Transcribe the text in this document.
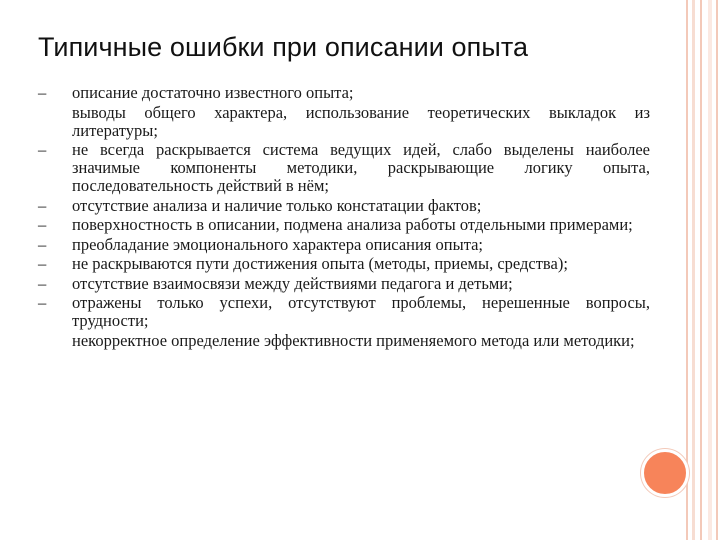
Типичные ошибки при описании опыта
–	описание достаточно известного опыта;
выводы общего характера, использование теоретических выкладок из литературы;
–	не всегда раскрывается система ведущих идей, слабо выделены наиболее значимые компоненты методики, раскрывающие логику опыта, последовательность действий в нём;
–	отсутствие анализа и наличие только констатации фактов;
–	поверхностность в описании, подмена анализа работы отдельными примерами;
–	преобладание эмоционального характера описания опыта;
–	не раскрываются пути достижения опыта (методы, приемы, средства);
–	отсутствие взаимосвязи между действиями педагога и детьми;
–	отражены только успехи, отсутствуют проблемы, нерешенные вопросы, трудности;
некорректное определение эффективности применяемого метода или методики;
